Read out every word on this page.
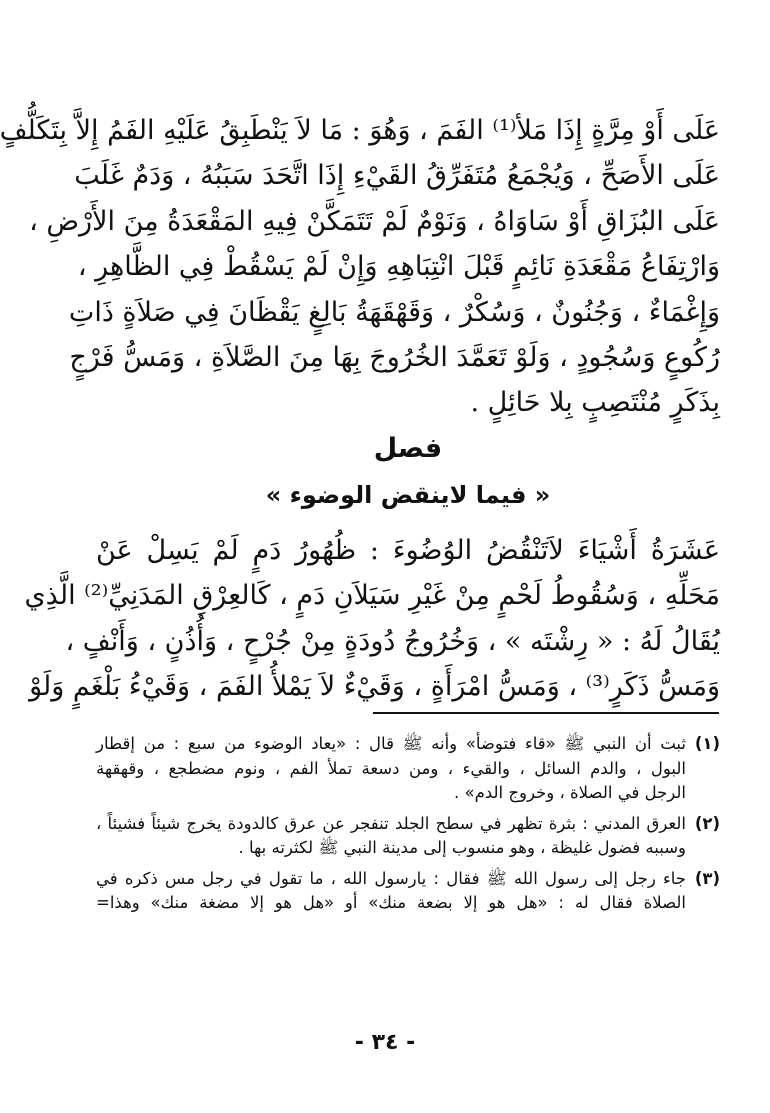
عَلَى أَوْ مِرَّةٍ إِذَا مَلأ⁽¹⁾ الفَمَ ، وَهُوَ : مَا لاَ يَنْطَبِقُ عَلَيْهِ الفَمُ إِلاَّ بِتَكَلُّفٍ
عَلَى الأَصَحِّ ، وَيُجْمَعُ مُتَفَرِّقُ القَيْءِ إِذَا اتَّحَدَ سَبَبُهُ ، وَدَمٌ غَلَبَ
عَلَى البُزَاقِ أَوْ سَاوَاهُ ، وَنَوْمٌ لَمْ تَتَمَكَّنْ فِيهِ المَقْعَدَةُ مِنَ الأَرْضِ ،
وَارْتِفَاعُ مَقْعَدَةِ نَائِمٍ قَبْلَ انْتِبَاهِهِ وَإِنْ لَمْ يَسْقُطْ فِي الظَّاهِرِ ،
وَإِغْمَاءٌ ، وَجُنُونٌ ، وَسُكْرٌ ، وَقَهْقَهَةُ بَالِغٍ يَقْظَانَ فِي صَلاَةٍ ذَاتِ
رُكُوعٍ وَسُجُودٍ ، وَلَوْ تَعَمَّدَ الخُرُوجَ بِهَا مِنَ الصَّلاَةِ ، وَمَسُّ فَرْجٍ
بِذَكَرٍ مُنْتَصِبٍ بِلا حَائِلٍ .
فصل
« فيما لاينقض الوضوء »
عَشَرَةُ أَشْيَاءَ لاَتَنْقُضُ الوُضُوءَ : ظُهُورُ دَمٍ لَمْ يَسِلْ عَنْ
مَحَلِّهِ ، وَسُقُوطُ لَحْمٍ مِنْ غَيْرِ سَيَلاَنِ دَمٍ ، كَالعِرْقِ المَدَنِيِّ⁽²⁾ الَّذِي
يُقَالُ لَهُ : « رِشْتَه » ، وَخُرُوجُ دُودَةٍ مِنْ جُرْحٍ ، وَأُذُنٍ ، وَأَنْفٍ ،
وَمَسُّ ذَكَرٍ⁽³⁾ ، وَمَسُّ امْرَأَةٍ ، وَقَيْءٌ لاَ يَمْلأُ الفَمَ ، وَقَيْءُ بَلْغَمٍ وَلَوْ
(١)
ثبت أن النبي ﷺ «قاء فتوضأ» وأنه ﷺ قال : «يعاد الوضوء من سبع : من إقطار
البول ، والدم السائل ، والقيء ، ومن دسعة تملأ الفم ، ونوم مضطجع ، وقهقهة
الرجل في الصلاة ، وخروج الدم» .
(٢)
العرق المدني : بثرة تظهر في سطح الجلد تنفجر عن عرق كالدودة يخرج شيئاً فشيئاً ،
وسببه فضول غليظة ، وهو منسوب إلى مدينة النبي ﷺ لكثرته بها .
(٣)
جاء رجل إلى رسول الله ﷺ فقال : يارسول الله ، ما تقول في رجل مس ذكره في
الصلاة فقال له : «هل هو إلا بضعة منك» أو «هل هو إلا مضغة منك» وهذا=
- ٣٤ -
